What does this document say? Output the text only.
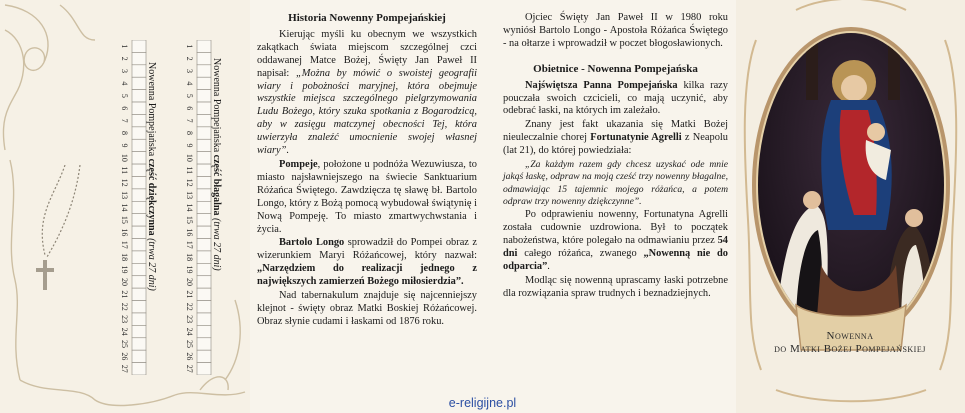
1
2
3
4
5
6
7
8
9
10
11
12
13
14
15
16
17
18
19
20
21
22
23
24
25
26
27
Nowenna Pompejańska część dziękczynna (trwa 27 dni)
1
2
3
4
5
6
7
8
9
10
11
12
13
14
15
16
17
18
19
20
21
22
23
24
25
26
27
Nowenna Pompejańska część błagalna (trwa 27 dni)
Historia Nowenny Pompejańskiej

Kierując myśli ku obecnym we wszystkich zakątkach świata miejscom szczególnej czci oddawanej Matce Bożej, Święty Jan Paweł II napisał: „Można by mówić o swoistej geografii wiary i pobożności maryjnej, która obejmuje wszystkie miejsca szczególnego pielgrzymowania Ludu Bożego, który szuka spotkania z Bogarodzicą, aby w zasięgu matczynej obecności Tej, która uwierzyła znaleźć umocnienie swojej własnej wiary”.

Pompeje, położone u podnóża Wezuwiusza, to miasto najsławniejszego na świecie Sanktuarium Różańca Świętego. Zawdzięcza tę sławę bł. Bartolo Longo, który z Bożą pomocą wybudował świątynię i Nową Pompeję. To miasto zmartwychwstania i życia.

Bartolo Longo sprowadził do Pompei obraz z wizerunkiem Maryi Różańcowej, który nazwał: „Narzędziem do realizacji jednego z największych zamierzeń Bożego miłosierdzia”.

Nad tabernakulum znajduje się najcenniejszy klejnot - święty obraz Matki Boskiej Różańcowej. Obraz słynie cudami i łaskami od 1876 roku.

Ojciec Święty Jan Paweł II w 1980 roku wyniósł Bartolo Longo - Apostoła Różańca Świętego - na ołtarze i wprowadził w poczet błogosławionych.

Obietnice - Nowenna Pompejańska

Najświętsza Panna Pompejańska kilka razy pouczała swoich czcicieli, co mają uczynić, aby odebrać łaski, na których im zależało.

Znany jest fakt ukazania się Matki Bożej nieuleczalnie chorej Fortunatynie Agrelli z Neapolu (lat 21), do której powiedziała:

„Za każdym razem gdy chcesz uzyskać ode mnie jakąś łaskę, odpraw na moją cześć trzy nowenny błagalne, odmawiając 15 tajemnic mojego różańca, a potem odpraw trzy nowenny dziękczynne”.

Po odprawieniu nowenny, Fortunatyna Agrelli została cudownie uzdrowiona. Był to początek nabożeństwa, które polegało na odmawianiu przez 54 dni całego różańca, zwanego „Nowenną nie do odparcia”.

Modląc się nowenną uprascamy łaski potrzebne dla rozwiązania spraw trudnych i beznadziejnych.

Nowenna
do Matki Bożej Pompejańskiej
e-religijne.pl
